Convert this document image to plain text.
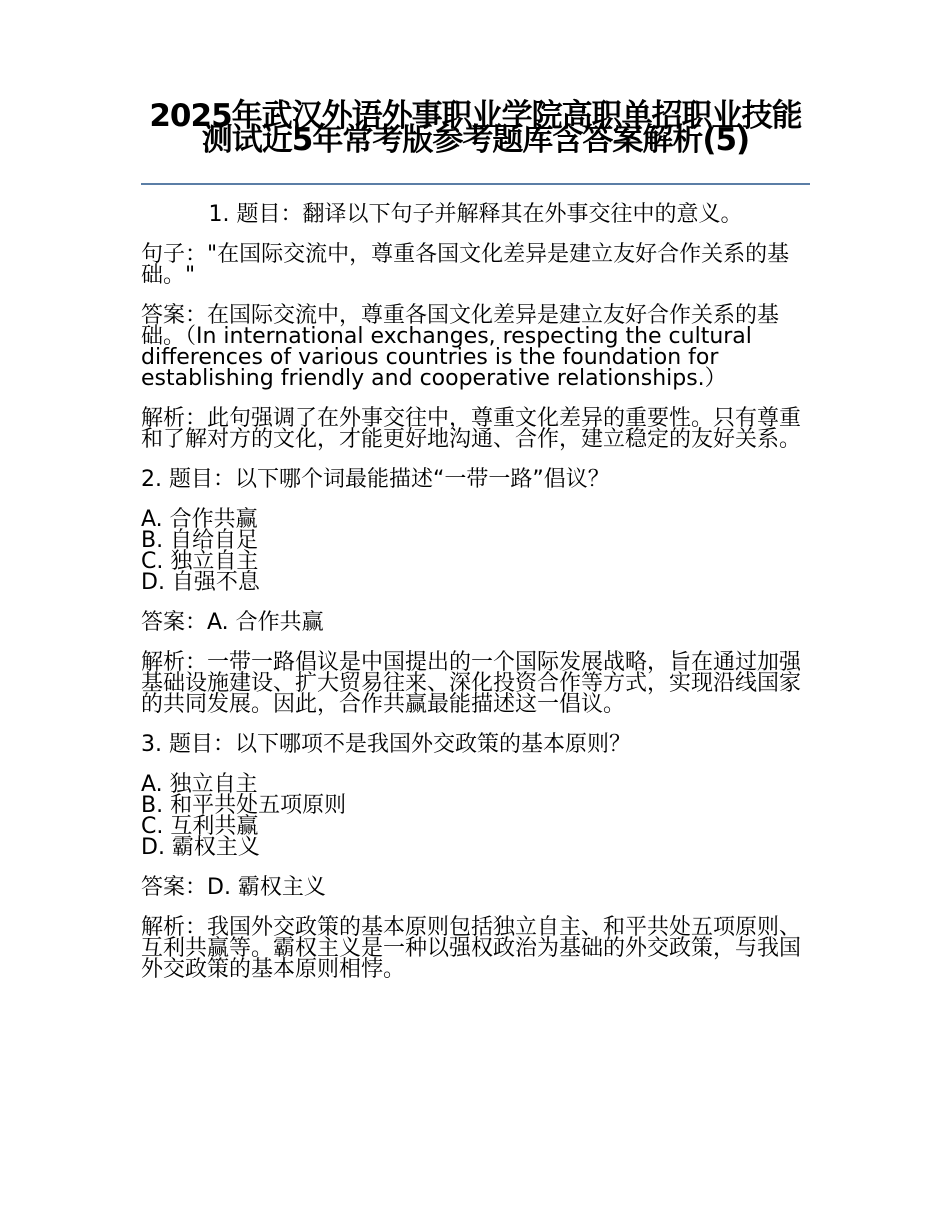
2025年武汉外语外事职业学院高职单招职业技能测试近5年常考版参考题库含答案解析(5)

1. 题目：翻译以下句子并解释其在外事交往中的意义。

句子："在国际交流中，尊重各国文化差异是建立友好合作关系的基础。"

答案：在国际交流中，尊重各国文化差异是建立友好合作关系的基础。（In international exchanges, respecting the cultural differences of various countries is the foundation for establishing friendly and cooperative relationships.）

解析：此句强调了在外事交往中，尊重文化差异的重要性。只有尊重和了解对方的文化，才能更好地沟通、合作，建立稳定的友好关系。

2. 题目：以下哪个词最能描述“一带一路”倡议？

A. 合作共赢

B. 自给自足

C. 独立自主

D. 自强不息

答案：A. 合作共赢

解析：一带一路倡议是中国提出的一个国际发展战略，旨在通过加强基础设施建设、扩大贸易往来、深化投资合作等方式，实现沿线国家的共同发展。因此，合作共赢最能描述这一倡议。

3. 题目：以下哪项不是我国外交政策的基本原则？

A. 独立自主

B. 和平共处五项原则

C. 互利共赢

D. 霸权主义

答案：D. 霸权主义

解析：我国外交政策的基本原则包括独立自主、和平共处五项原则、互利共赢等。霸权主义是一种以强权政治为基础的外交政策，与我国外交政策的基本原则相悖。
